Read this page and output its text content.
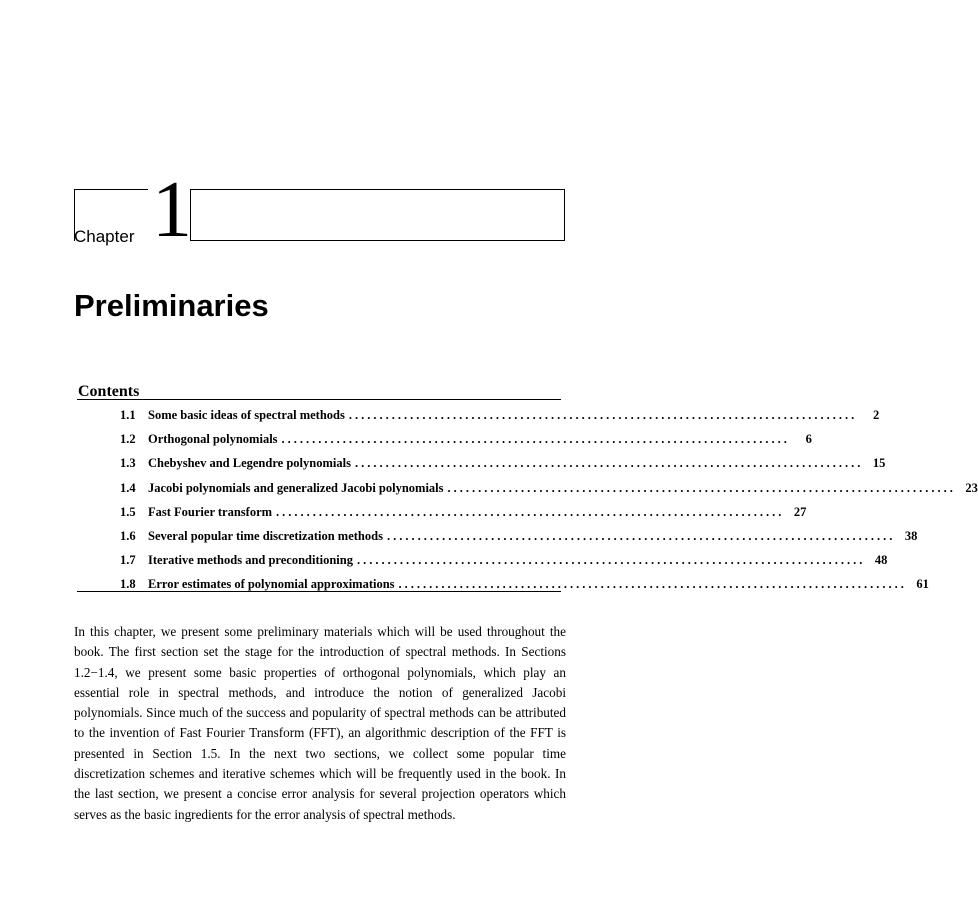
Chapter 1
Preliminaries
Contents
1.1 Some basic ideas of spectral methods ...................................................................................	2
1.2 Orthogonal polynomials ...................................................................................	6
1.3 Chebyshev and Legendre polynomials ................................................................................... 15
1.4 Jacobi polynomials and generalized Jacobi polynomials ................................................................................... 23
1.5 Fast Fourier transform ................................................................................... 27
1.6 Several popular time discretization methods ................................................................................... 38
1.7 Iterative methods and preconditioning ................................................................................... 48
1.8 Error estimates of polynomial approximations ................................................................................... 61

In this chapter, we present some preliminary materials which will be used throughout the book. The first section set the stage for the introduction of spectral methods. In Sections 1.2−1.4, we present some basic properties of orthogonal polynomials, which play an essential role in spectral methods, and introduce the notion of generalized Jacobi polynomials. Since much of the success and popularity of spectral methods can be attributed to the invention of Fast Fourier Transform (FFT), an algorithmic description of the FFT is presented in Section 1.5. In the next two sections, we collect some popular time discretization schemes and iterative schemes which will be frequently used in the book. In the last section, we present a concise error analysis for several projection operators which serves as the basic ingredients for the error analysis of spectral methods.
